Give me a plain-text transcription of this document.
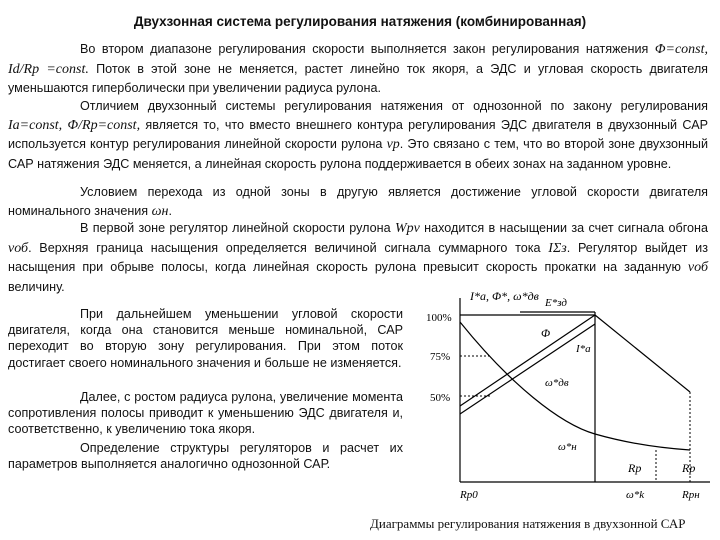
Двухзонная система регулирования натяжения (комбинированная)

Во втором диапазоне регулирования скорости выполняется закон регулирования натяжения Φ=const, Id/Rp =const. Поток в этой зоне не меняется, растет линейно ток якоря, а ЭДС и угловая скорость двигателя уменьшаются гиперболически при увеличении радиуса рулона.

Отличием двухзонный системы регулирования натяжения от однозонной по закону регулирования Ia=const, Φ/Rp=const, является то, что вместо внешнего контура регулирования ЭДС двигателя в двухзонный САР используется контур регулирования линейной скорости рулона vp. Это связано с тем, что во второй зоне двухзонный САР натяжения ЭДС меняется, а линейная скорость рулона поддерживается в обеих зонах на заданном уровне.

Условием перехода из одной зоны в другую является достижение угловой скорости двигателя номинального значения ωн.

В первой зоне регулятор линейной скорости рулона Wpv находится в насыщении за счет сигнала обгона vоб. Верхняя граница насыщения определяется величиной сигнала суммарного тока IΣз. Регулятор выйдет из насыщения при обрыве полосы, когда линейная скорость рулона превысит скорость прокатки на заданную vоб величину.

При дальнейшем уменьшении угловой скорости двигателя, когда она становится меньше номинальной, САР переходит во вторую зону регулирования. При этом поток достигает своего номинального значения и больше не изменяется.

Далее, с ростом радиуса рулона, увеличение момента сопротивления полосы приводит к уменьшению ЭДС двигателя и, соответственно, к увеличению тока якоря.

Определение структуры регуляторов и расчет их параметров выполняется аналогично однозонной САР.

I*a, Φ*, ω*дв
100%
75%
50%
E*зд
Φ
I*a
ω*дв
ω*н
Rp	Rp
Rp0	ω*k	Rpн
Диаграммы регулирования натяжения в двухзонной САР
